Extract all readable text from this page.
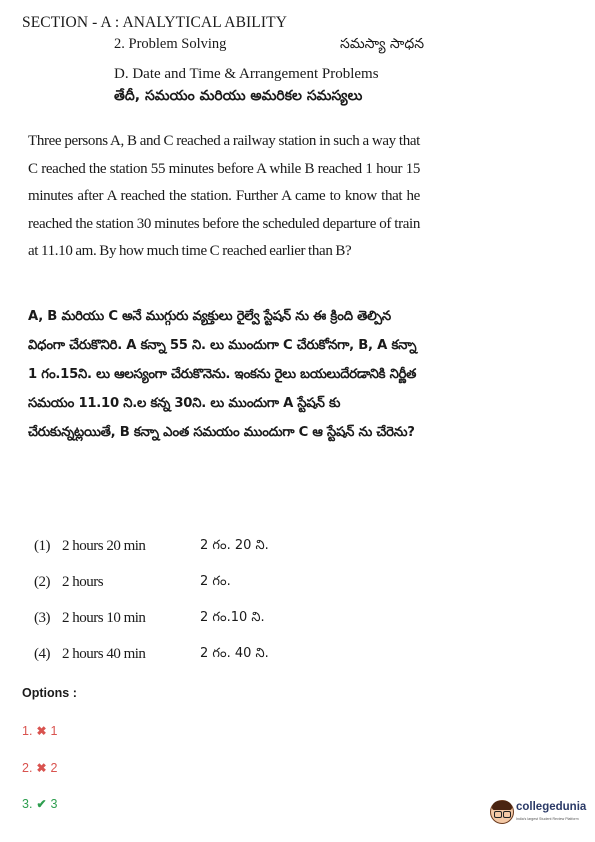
SECTION - A : ANALYTICAL ABILITY
2. Problem Solving	సమస్యా సాధన
D. Date and Time & Arrangement Problems
తేదీ, సమయం మరియు అమరికల సమస్యలు
Three persons A, B and C reached a railway station in such a way that C reached the station 55 minutes before A while B reached 1 hour 15 minutes after A reached the station. Further A came to know that he reached the station 30 minutes before the scheduled departure of train at 11.10 am. By how much time C reached earlier than B?
A, B మరియు C అనే ముగ్గురు వ్యక్తులు రైల్వే స్టేషన్ ను ఈ క్రింది తెల్పిన విధంగా చేరుకొనిరి. A కన్నా 55 ని. లు ముందుగా C చేరుకోనగా, B, A కన్నా 1 గం.15ని. లు ఆలస్యంగా చేరుకొనెను. ఇంకను రైలు బయలుదేరడానికి నిర్ణీత సమయం 11.10 ని.ల కన్న 30ని. లు ముందుగా A స్టేషన్ కు చేరుకున్నట్లయితే, B కన్నా ఎంత సమయం ముందుగా C ఆ స్టేషన్ ను చేరెను?
(1) 2 hours 20 min	2 గం. 20 ని.
(2) 2 hours	2 గం.
(3) 2 hours 10 min	2 గం.10 ని.
(4) 2 hours 40 min	2 గం. 40 ని.
Options :
1. ✖ 1
2. ✖ 2
3. ✔ 3	collegedunia
India's largest Student Review Platform
